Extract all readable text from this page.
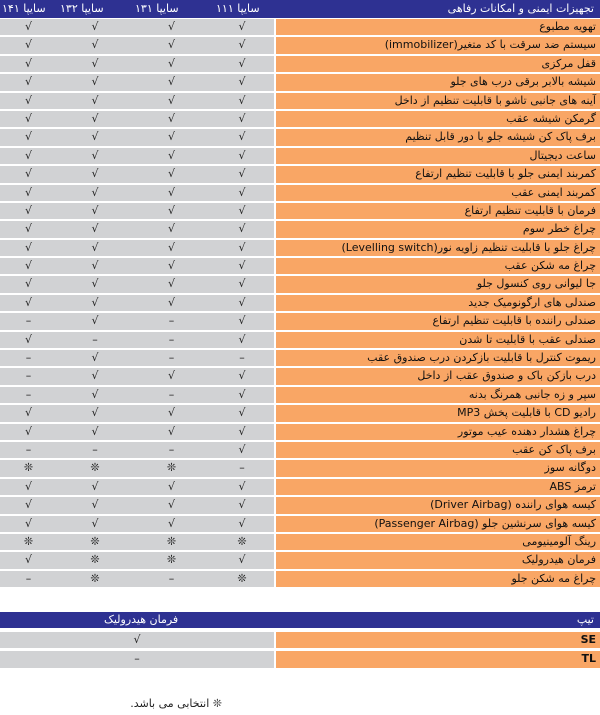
تجهیزات ایمنی و امکانات رفاهی
سایپا ۱۱۱
سایپا ۱۳۱
سایپا ۱۳۲
سایپا ۱۴۱
√	√	√	√	تهویه مطبوع
√	√	√	√	سیستم ضد سرقت با کد متغیر(immobilizer)
√	√	√	√	قفل مرکزی
√	√	√	√	شیشه بالابر برقی درب های جلو
√	√	√	√	آینه های جانبی تاشو با قابلیت تنظیم از داخل
√	√	√	√	گرمکن شیشه عقب
√	√	√	√	برف پاک کن شیشه جلو با دور قابل تنظیم
√	√	√	√	ساعت دیجیتال
√	√	√	√	کمربند ایمنی جلو با قابلیت تنظیم ارتفاع
√	√	√	√	کمربند ایمنی عقب
√	√	√	√	فرمان با قابلیت تنظیم ارتفاع
√	√	√	√	چراغ خطر سوم
√	√	√	√	چراغ جلو با قابلیت تنظیم زاویه نور(Levelling switch)
√	√	√	√	چراغ مه شکن عقب
√	√	√	√	جا لیوانی روی کنسول جلو
√	√	√	√	صندلی های ارگونومیک جدید
–	√	–	√	صندلی راننده با قابلیت تنظیم ارتفاع
√	–	–	√	صندلی عقب با قابلیت تا شدن
–	√	–	–	ریموت کنترل با قابلیت بازکردن درب صندوق عقب
–	√	√	√	درب بازکن باک و صندوق عقب از داخل
–	√	–	√	سپر و زه جانبی همرنگ بدنه
√	√	√	√	رادیو CD با قابلیت پخش MP3
√	√	√	√	چراغ هشدار دهنده عیب موتور
–	–	–	√	برف پاک کن عقب
❊	❊	❊	–	دوگانه سوز
√	√	√	√	ترمز ABS
√	√	√	√	کیسه هوای راننده (Driver Airbag)
√	√	√	√	کیسه هوای سرنشین جلو (Passenger Airbag)
❊	❊	❊	❊	رینگ آلومینیومی
√	❊	❊	√	فرمان هیدرولیک
–	❊	–	❊	چراغ مه شکن جلو
تیپ
فرمان هیدرولیک
√	SE
–	TL
❊ انتخابی می باشد.
